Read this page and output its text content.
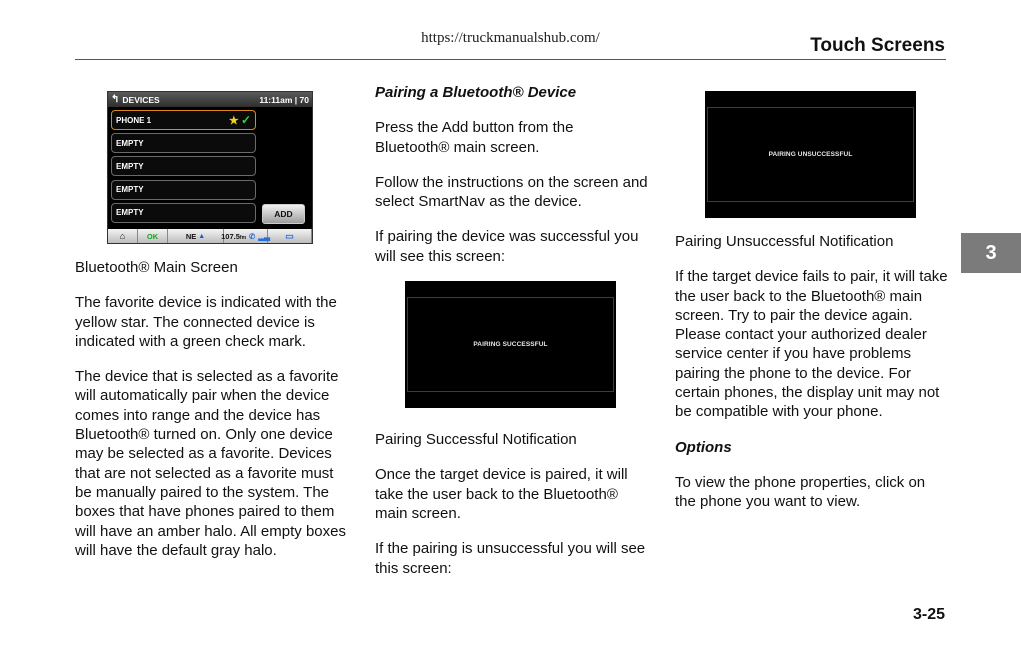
https://truckmanualshub.com/	Touch Screens
3
↰ DEVICES	11:11am | 70
PHONE 1	★ ✓
EMPTY
EMPTY
EMPTY
EMPTY	ADD
⌂	OK	NE ▲ 107.5fm ✆ ▂▃	▭

Bluetooth® Main Screen

The favorite device is indicated with the yellow star. The connected device is indicated with a green check mark.

The device that is selected as a favorite will automatically pair when the device comes into range and the device has Bluetooth® turned on. Only one device may be selected as a favorite. Devices that are not selected as a favorite must be manually paired to the system. The boxes that have phones paired to them will have an amber halo. All empty boxes will have the default gray halo.

Pairing a Bluetooth® Device

Press the Add button from the Bluetooth® main screen.

Follow the instructions on the screen and select SmartNav as the device.

If pairing the device was successful you will see this screen:

Pairing Successful Notification

Once the target device is paired, it will take the user back to the Bluetooth® main screen.

If the pairing is unsuccessful you will see this screen:

PAIRING SUCCESSFUL
PAIRING UNSUCCESSFUL

Pairing Unsuccessful Notification

If the target device fails to pair, it will take the user back to the Bluetooth® main screen. Try to pair the device again. Please contact your authorized dealer service center if you have problems pairing the phone to the device. For certain phones, the display unit may not be compatible with your phone.

Options

To view the phone properties, click on the phone you want to view.

3-25
